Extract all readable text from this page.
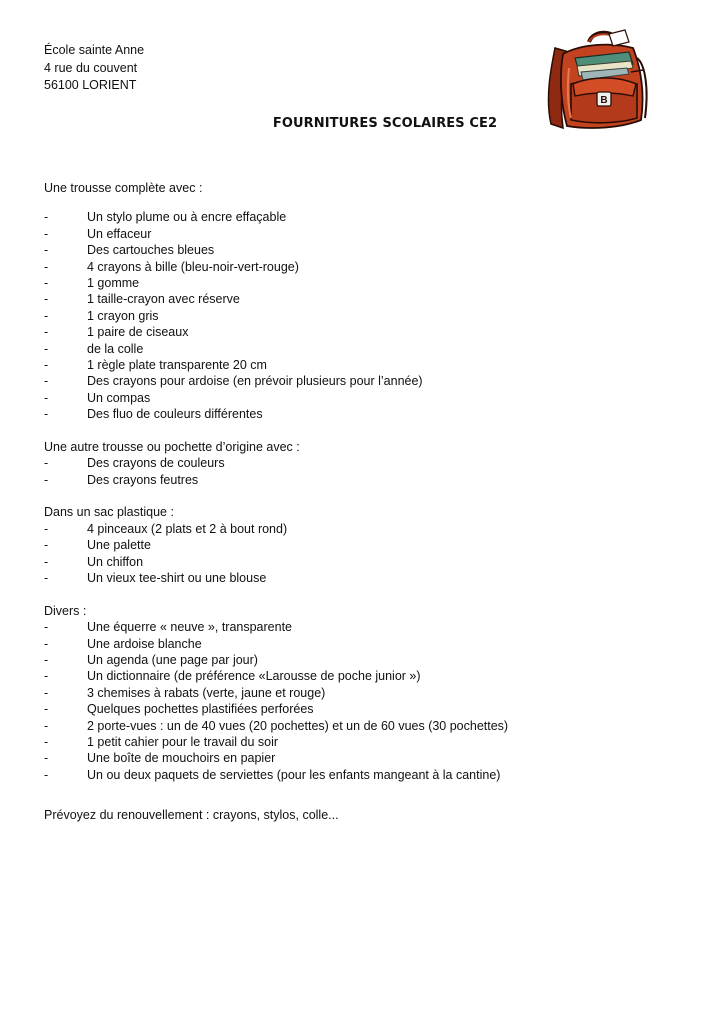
École sainte Anne
4 rue du couvent
56100 LORIENT
B
FOURNITURES SCOLAIRES CE2
Une trousse complète avec :
-	Un stylo plume ou à encre effaçable
-	Un effaceur
-	Des cartouches bleues
-	4 crayons à bille (bleu-noir-vert-rouge)
-	1 gomme
-	1 taille-crayon avec réserve
-	1 crayon gris
-	1 paire de ciseaux
-	de la colle
-	1 règle plate transparente 20 cm
-	Des crayons pour ardoise (en prévoir plusieurs pour l’année)
-	Un compas
-	Des fluo de couleurs différentes
Une autre trousse ou pochette d’origine avec :
-	Des crayons de couleurs
-	Des crayons feutres
Dans un sac plastique :
-	4 pinceaux (2 plats et 2 à bout rond)
-	Une palette
-	Un chiffon
-	Un vieux tee-shirt ou une blouse
Divers :
-	Une équerre « neuve », transparente
-	Une ardoise blanche
-	Un agenda (une page par jour)
-	Un dictionnaire (de préférence «Larousse de poche junior »)
-	3 chemises à rabats (verte, jaune et rouge)
-	Quelques pochettes plastifiées perforées
-	2 porte-vues : un de 40 vues (20 pochettes) et un de 60 vues (30 pochettes)
-	1 petit cahier pour le travail du soir
-	Une boîte de mouchoirs en papier
-	Un ou deux paquets de serviettes (pour les enfants mangeant à la cantine)
Prévoyez du renouvellement : crayons, stylos, colle...
